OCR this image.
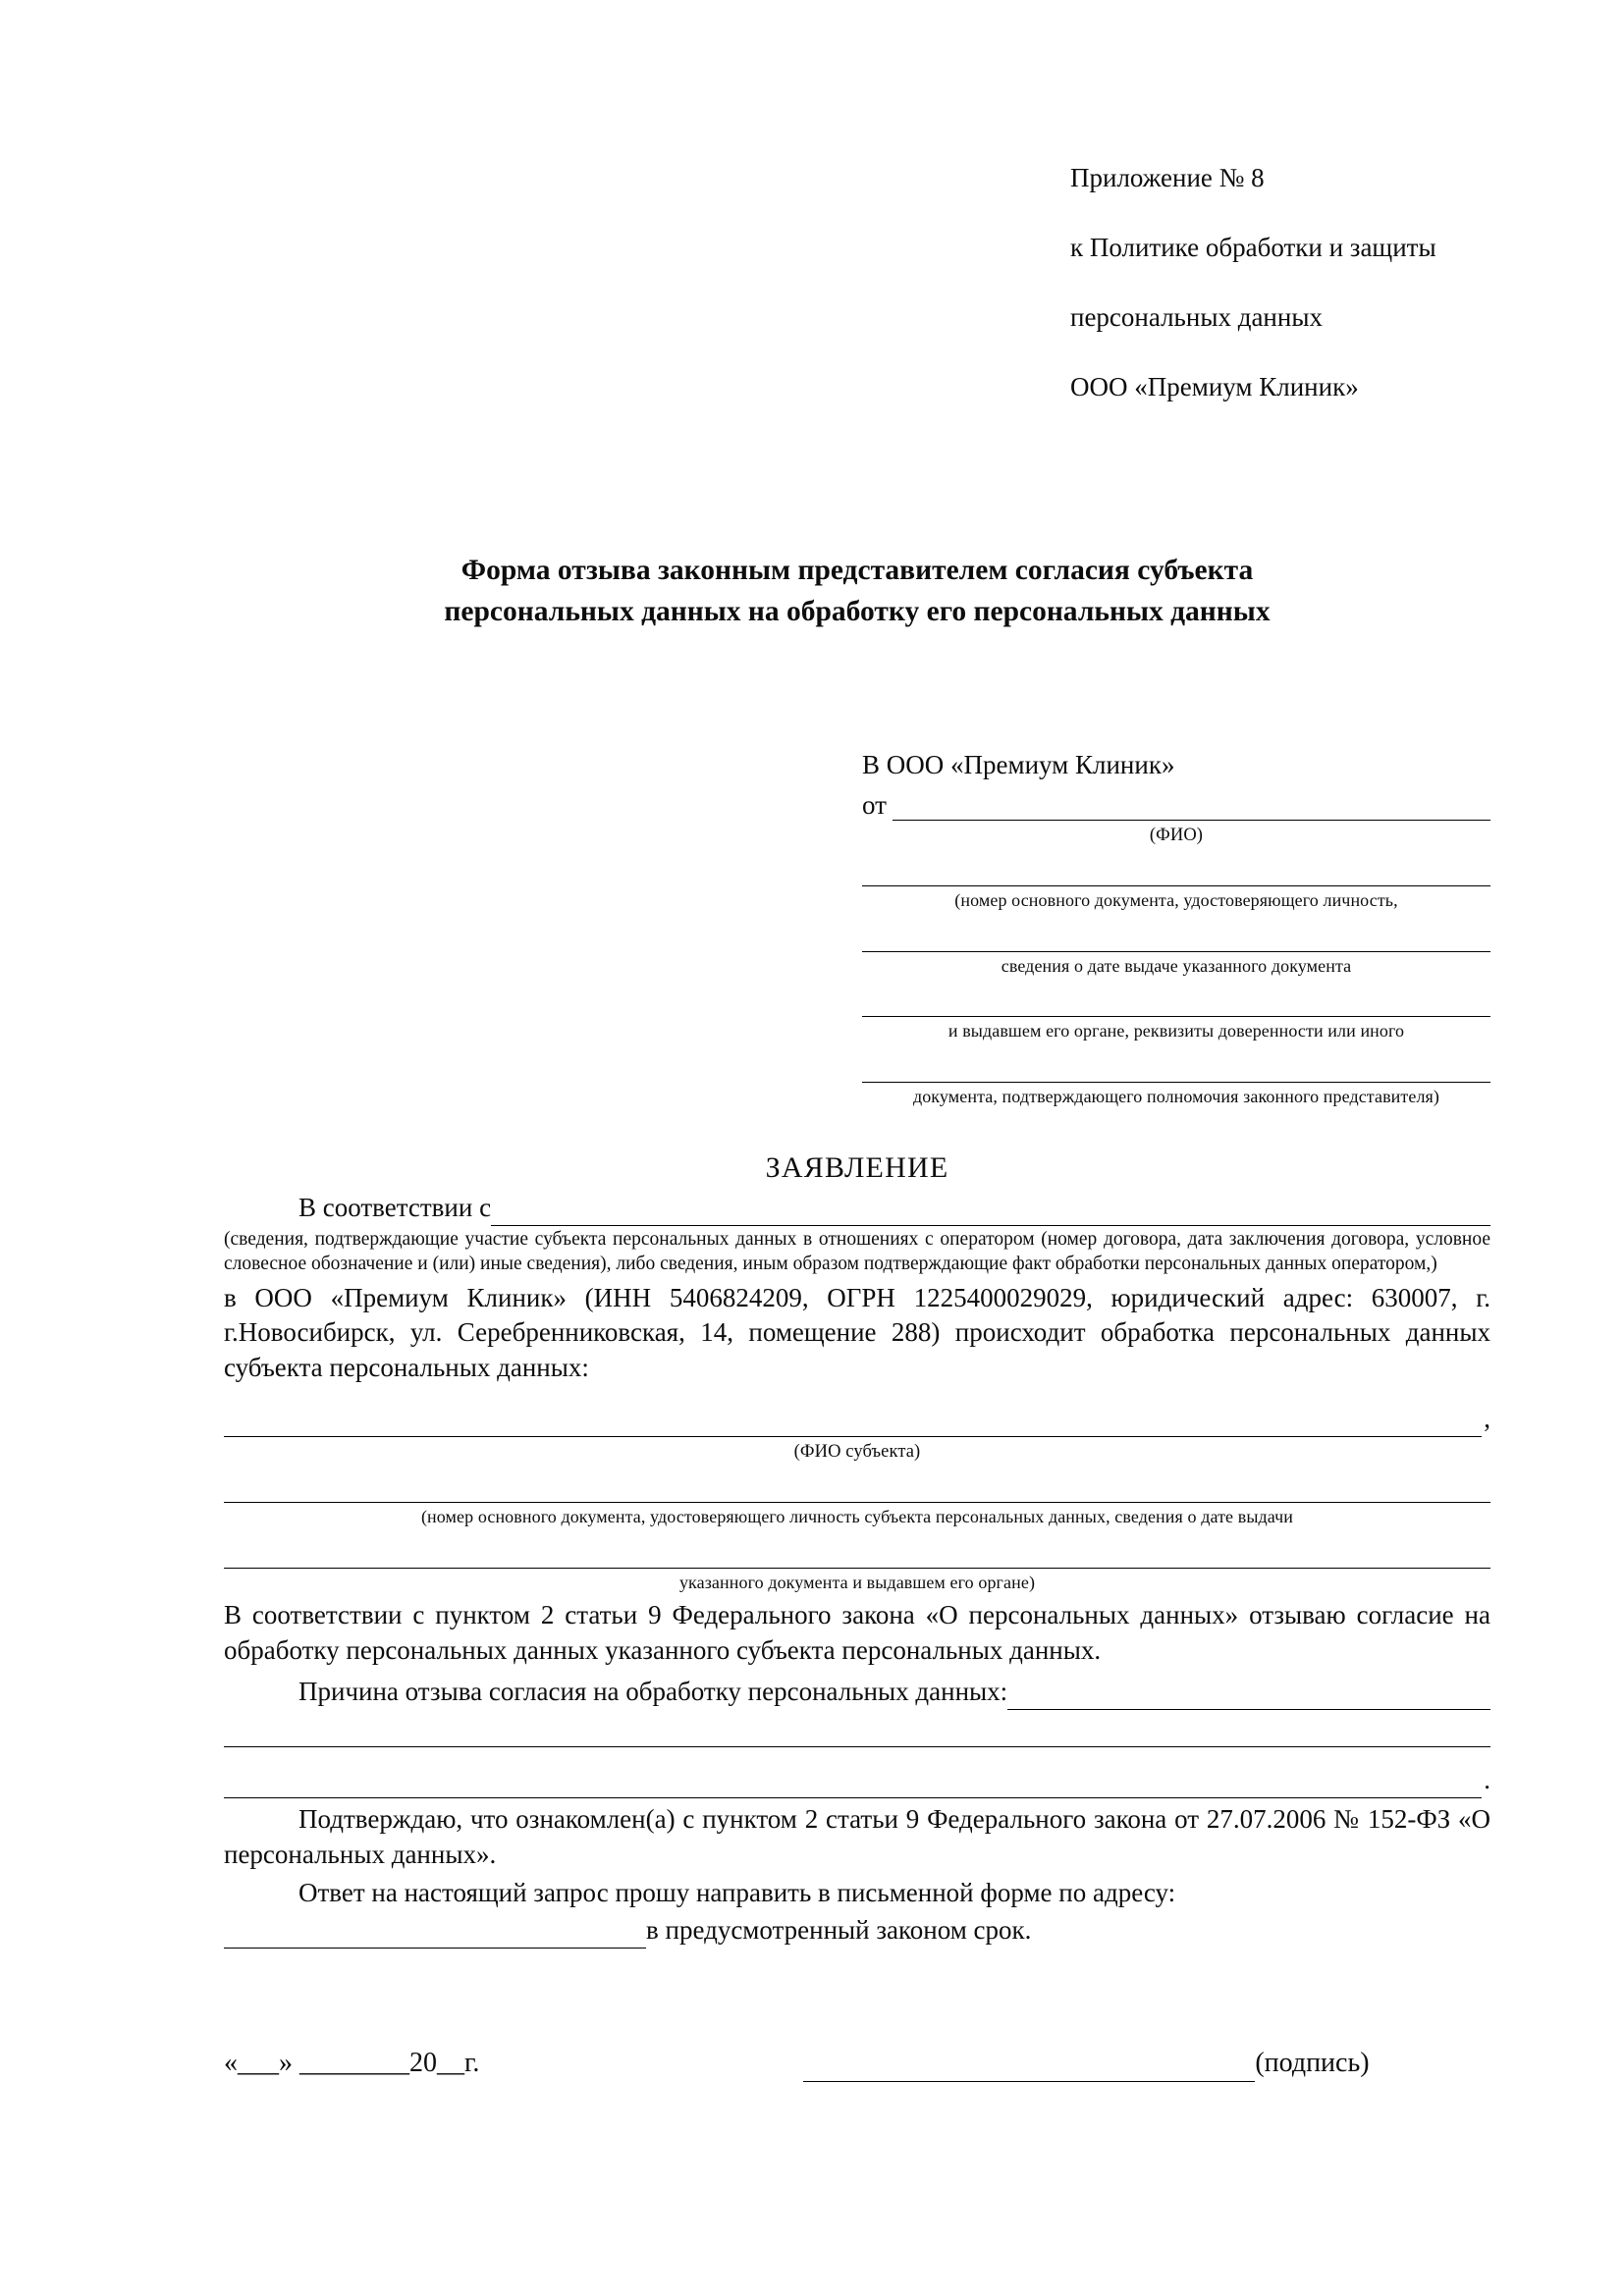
Приложение № 8

к Политике обработки и защиты

персональных данных

ООО «Премиум Клиник»

Форма отзыва законным представителем согласия субъекта
персональных данных на обработку его персональных данных
В ООО «Премиум Клиник»
от
(ФИО)
(номер основного документа, удостоверяющего личность,
сведения о дате выдаче указанного документа
и выдавшем его органе, реквизиты доверенности или иного
документа, подтверждающего полномочия законного представителя)
ЗАЯВЛЕНИЕ
В соответствии с
(сведения, подтверждающие участие субъекта персональных данных в отношениях с оператором (номер договора, дата заключения договора, условное словесное обозначение и (или) иные сведения), либо сведения, иным образом подтверждающие факт обработки персональных данных оператором,)
в ООО «Премиум Клиник» (ИНН 5406824209, ОГРН 1225400029029, юридический адрес: 630007, г. г.Новосибирск, ул. Серебренниковская, 14, помещение 288) происходит обработка персональных данных субъекта персональных данных:
,
(ФИО субъекта)
(номер основного документа, удостоверяющего личность субъекта персональных данных, сведения о дате выдачи
указанного документа и выдавшем его органе)
В соответствии с пунктом 2 статьи 9 Федерального закона «О персональных данных» отзываю согласие на обработку персональных данных указанного субъекта персональных данных.
Причина отзыва согласия на обработку персональных данных:
.
Подтверждаю, что ознакомлен(а) с пунктом 2 статьи 9 Федерального закона от 27.07.2006 № 152-ФЗ «О персональных данных».
Ответ на настоящий запрос прошу направить в письменной форме по адресу:
в предусмотренный законом срок.
«___» ________20__г.	(подпись)
